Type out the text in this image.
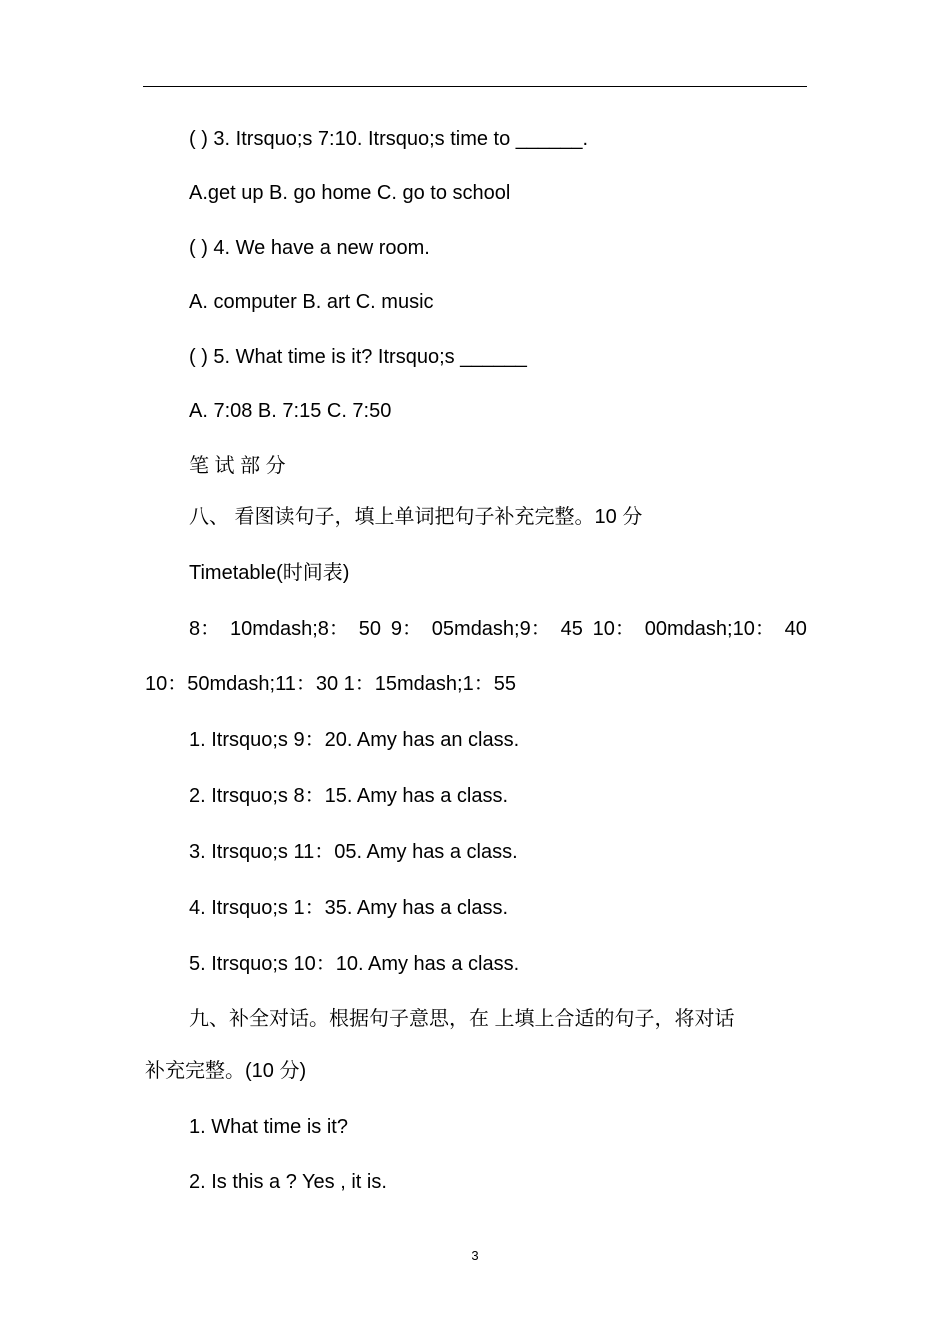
( ) 3. Itrsquo;s 7:10. Itrsquo;s time to ______.
A.get up B. go home C. go to school
( ) 4. We have a new room.
A. computer B. art C. music
( ) 5. What time is it? Itrsquo;s ______
A. 7:08 B. 7:15 C. 7:50
笔 试 部 分
八、 看图读句子，填上单词把句子补充完整。10 分
Timetable(时间表)
8： 10mdash;8： 50 9： 05mdash;9： 45 10： 00mdash;10： 40
10：50mdash;11：30 1：15mdash;1：55
1. Itrsquo;s 9：20. Amy has an class.
2. Itrsquo;s 8：15. Amy has a class.
3. Itrsquo;s 11：05. Amy has a class.
4. Itrsquo;s 1：35. Amy has a class.
5. Itrsquo;s 10：10. Amy has a class.
九、补全对话。根据句子意思，在 上填上合适的句子，将对话
补充完整。(10 分)
1. What time is it?
2. Is this a ? Yes , it is.
3
